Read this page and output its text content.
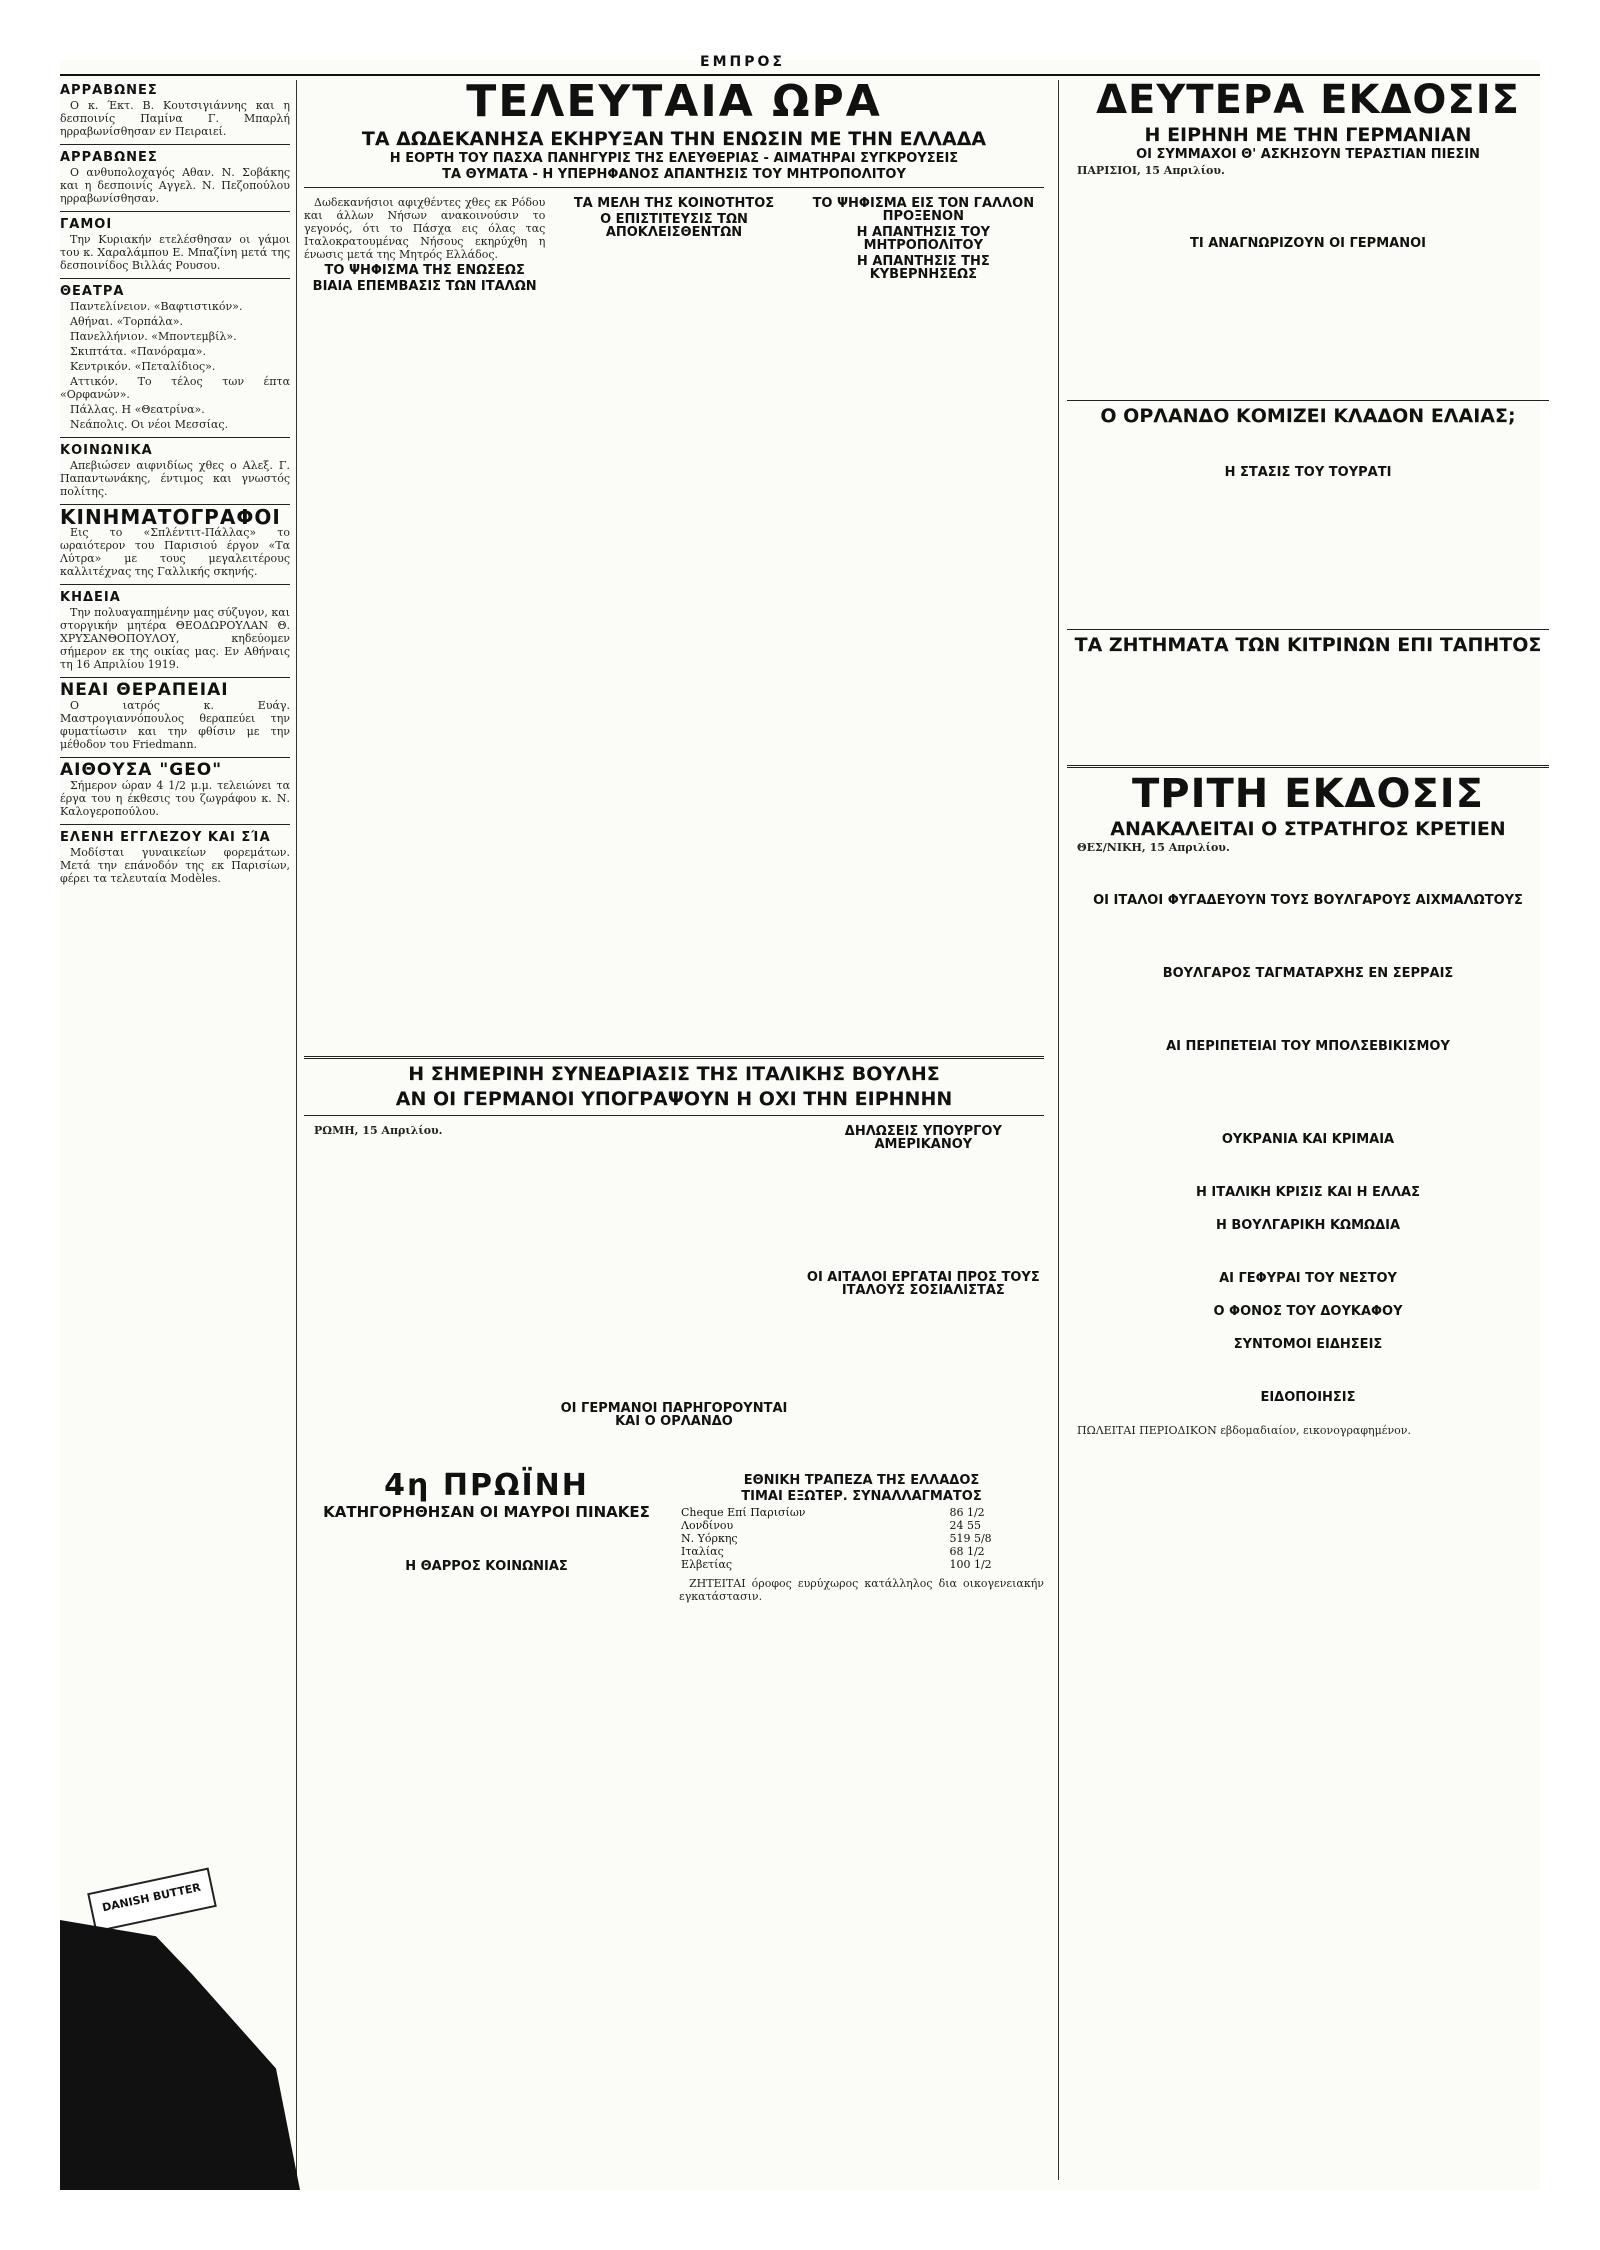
ΕΜΠΡΟΣ
ΑΡΡΑΒΩΝΕΣ
Ο κ. Έκτ. Β. Κουτσιγιάννης και η δεσποινίς Παμίνα Γ. Μπαρλή ηρραβωνίσθησαν εν Πειραιεί.
ΑΡΡΑΒΩΝΕΣ
Ο ανθυπολοχαγός Αθαν. Ν. Σοβάκης και η δεσποινίς Αγγελ. Ν. Πεζοπούλου ηρραβωνίσθησαν.
ΓΑΜΟΙ
Την Κυριακήν ετελέσθησαν οι γάμοι του κ. Χαραλάμπου Ε. Μπαζίνη μετά της δεσποινίδος Βιλλάς Ρουσου.
ΘΕΑΤΡΑ
Παντελίνειον. «Βαφτιστικόν».
Αθήναι. «Τορπάλα».
Πανελλήνιον. «Μποντεμβίλ».
Σκιπτάτα. «Πανόραμα».
Κεντρικόν. «Πεταλίδιος».
Αττικόν. Το τέλος των έπτα «Ορφανών».
Πάλλας. Η «Θεατρίνα».
Νεάπολις. Οι νέοι Μεσσίας.
ΚΟΙΝΩΝΙΚΑ
Απεβιώσεν αιφνιδίως χθες ο Αλεξ. Γ. Παπαντωνάκης, έντιμος και γνωστός πολίτης.
ΚΙΝΗΜΑΤΟΓΡΑΦΟΙ
Εις το «Σπλέντιτ-Πάλλας» το ωραιότερον του Παρισιού έργον «Τα Λύτρα» με τους μεγαλειτέρους καλλιτέχνας της Γαλλικής σκηνής.
ΚΗΔΕΙΑ
Την πολυαγαπημένην μας σύζυγον, και στοργικήν μητέρα ΘΕΟΔΩΡΟΥΛΑΝ Θ. ΧΡΥΣΑΝΘΟΠΟΥΛΟΥ, κηδεύομεν σήμερον εκ της οικίας μας. Εν Αθήναις τη 16 Απριλίου 1919.
ΝΕΑΙ ΘΕΡΑΠΕΙΑΙ
Ο ιατρός κ. Ευάγ. Μαστρογιαννόπουλος θεραπεύει την φυματίωσιν και την φθίσιν με την μέθοδον του Friedmann.
ΑΙΘΟΥΣΑ "GEO"
Σήμερον ώραν 4 1/2 μ.μ. τελειώνει τα έργα του η έκθεσις του ζωγράφου κ. Ν. Καλογεροπούλου.
ΕΛΕΝΗ ΕΓΓΛΕΖΟΥ ΚΑΙ ΣΊΑ
Μοδίσται γυναικείων φορεμάτων. Μετά την επάνοδόν της εκ Παρισίων, φέρει τα τελευταία Modèles.
DANISH BUTTER
ΤΕΛΕΥΤΑΙΑ ΩΡΑ
ΤΑ ΔΩΔΕΚΑΝΗΣΑ ΕΚΗΡΥΞΑΝ ΤΗΝ ΕΝΩΣΙΝ ΜΕ ΤΗΝ ΕΛΛΑΔΑ
Η ΕΟΡΤΗ ΤΟΥ ΠΑΣΧΑ ΠΑΝΗΓΥΡΙΣ ΤΗΣ ΕΛΕΥΘΕΡΙΑΣ - ΑΙΜΑΤΗΡΑΙ ΣΥΓΚΡΟΥΣΕΙΣ
ΤΑ ΘΥΜΑΤΑ - Η ΥΠΕΡΗΦΑΝΟΣ ΑΠΑΝΤΗΣΙΣ ΤΟΥ ΜΗΤΡΟΠΟΛΙΤΟΥ
Δωδεκανήσιοι αφιχθέντες χθες εκ Ρόδου και άλλων Νήσων ανακοινούσιν το γεγονός, ότι το Πάσχα εις όλας τας Ιταλοκρατουμένας Νήσους εκηρύχθη η ένωσις μετά της Μητρός Ελλάδος.
ΤΟ ΨΗΦΙΣΜΑ ΤΗΣ ΕΝΩΣΕΩΣ
ΒΙΑΙΑ ΕΠΕΜΒΑΣΙΣ ΤΩΝ ΙΤΑΛΩΝ
ΤΑ ΜΕΛΗ ΤΗΣ ΚΟΙΝΟΤΗΤΟΣ
Ο ΕΠΙΣΤΙΤΕΥΣΙΣ ΤΩΝ ΑΠΟΚΛΕΙΣΘΕΝΤΩΝ
ΤΟ ΨΗΦΙΣΜΑ ΕΙΣ ΤΟΝ ΓΑΛΛΟΝ ΠΡΟΞΕΝΟΝ
Η ΑΠΑΝΤΗΣΙΣ ΤΟΥ ΜΗΤΡΟΠΟΛΙΤΟΥ
Η ΑΠΑΝΤΗΣΙΣ ΤΗΣ ΚΥΒΕΡΝΗΣΕΩΣ
Η ΣΗΜΕΡΙΝΗ ΣΥΝΕΔΡΙΑΣΙΣ ΤΗΣ ΙΤΑΛΙΚΗΣ ΒΟΥΛΗΣ
ΑΝ ΟΙ ΓΕΡΜΑΝΟΙ ΥΠΟΓΡΑΨΟΥΝ Η ΟΧΙ ΤΗΝ ΕΙΡΗΝΗΝ
ΡΩΜΗ, 15 Απριλίου.
ΟΙ ΓΕΡΜΑΝΟΙ ΠΑΡΗΓΟΡΟΥΝΤΑΙ ΚΑΙ Ο ΟΡΛΑΝΔΟ
ΔΗΛΩΣΕΙΣ ΥΠΟΥΡΓΟΥ ΑΜΕΡΙΚΑΝΟΥ
ΟΙ ΑΙΤΑΛΟΙ ΕΡΓΑΤΑΙ ΠΡΟΣ ΤΟΥΣ ΙΤΑΛΟΥΣ ΣΟΣΙΑΛΙΣΤΑΣ
4η ΠΡΩΪΝΗ
ΚΑΤΗΓΟΡΗΘΗΣΑΝ ΟΙ ΜΑΥΡΟΙ ΠΙΝΑΚΕΣ
Η ΘΑΡΡΟΣ ΚΟΙΝΩΝΙΑΣ
ΕΘΝΙΚΗ ΤΡΑΠΕΖΑ ΤΗΣ ΕΛΛΑΔΟΣ
ΤΙΜΑΙ ΕΞΩΤΕΡ. ΣΥΝΑΛΛΑΓΜΑΤΟΣ
Cheque Επί Παρισίων	86 1/2
Λονδίνου	24 55
Ν. Υόρκης	519 5/8
Ιταλίας	68 1/2
Ελβετίας	100 1/2
ΖΗΤΕΙΤΑΙ όροφος ευρύχωρος κατάλληλος δια οικογενειακήν εγκατάστασιν.
ΔΕΥΤΕΡΑ ΕΚΔΟΣΙΣ
Η ΕΙΡΗΝΗ ΜΕ ΤΗΝ ΓΕΡΜΑΝΙΑΝ
ΟΙ ΣΥΜΜΑΧΟΙ Θ' ΑΣΚΗΣΟΥΝ ΤΕΡΑΣΤΙΑΝ ΠΙΕΣΙΝ
ΠΑΡΙΣΙΟΙ, 15 Απριλίου.
ΤΙ ΑΝΑΓΝΩΡΙΖΟΥΝ ΟΙ ΓΕΡΜΑΝΟΙ
Ο ΟΡΛΑΝΔΟ ΚΟΜΙΖΕΙ ΚΛΑΔΟΝ ΕΛΑΙΑΣ;
Η ΣΤΑΣΙΣ ΤΟΥ ΤΟΥΡΑΤΙ
ΤΑ ΖΗΤΗΜΑΤΑ ΤΩΝ ΚΙΤΡΙΝΩΝ ΕΠΙ ΤΑΠΗΤΟΣ
ΤΡΙΤΗ ΕΚΔΟΣΙΣ
ΑΝΑΚΑΛΕΙΤΑΙ Ο ΣΤΡΑΤΗΓΟΣ ΚΡΕΤΙΕΝ
ΘΕΣ/ΝΙΚΗ, 15 Απριλίου.
ΟΙ ΙΤΑΛΟΙ ΦΥΓΑΔΕΥΟΥΝ ΤΟΥΣ ΒΟΥΛΓΑΡΟΥΣ ΑΙΧΜΑΛΩΤΟΥΣ
ΒΟΥΛΓΑΡΟΣ ΤΑΓΜΑΤΑΡΧΗΣ ΕΝ ΣΕΡΡΑΙΣ
ΑΙ ΠΕΡΙΠΕΤΕΙΑΙ ΤΟΥ ΜΠΟΛΣΕΒΙΚΙΣΜΟΥ
ΟΥΚΡΑΝΙΑ ΚΑΙ ΚΡΙΜΑΙΑ
Η ΙΤΑΛΙΚΗ ΚΡΙΣΙΣ ΚΑΙ Η ΕΛΛΑΣ
Η ΒΟΥΛΓΑΡΙΚΗ ΚΩΜΩΔΙΑ
ΑΙ ΓΕΦΥΡΑΙ ΤΟΥ ΝΕΣΤΟΥ
Ο ΦΟΝΟΣ ΤΟΥ ΔΟΥΚΑΦΟΥ
ΣΥΝΤΟΜΟΙ ΕΙΔΗΣΕΙΣ
ΕΙΔΟΠΟΙΗΣΙΣ
ΠΩΛΕΙΤΑΙ ΠΕΡΙΟΔΙΚΟΝ εβδομαδιαίον, εικονογραφημένον.
